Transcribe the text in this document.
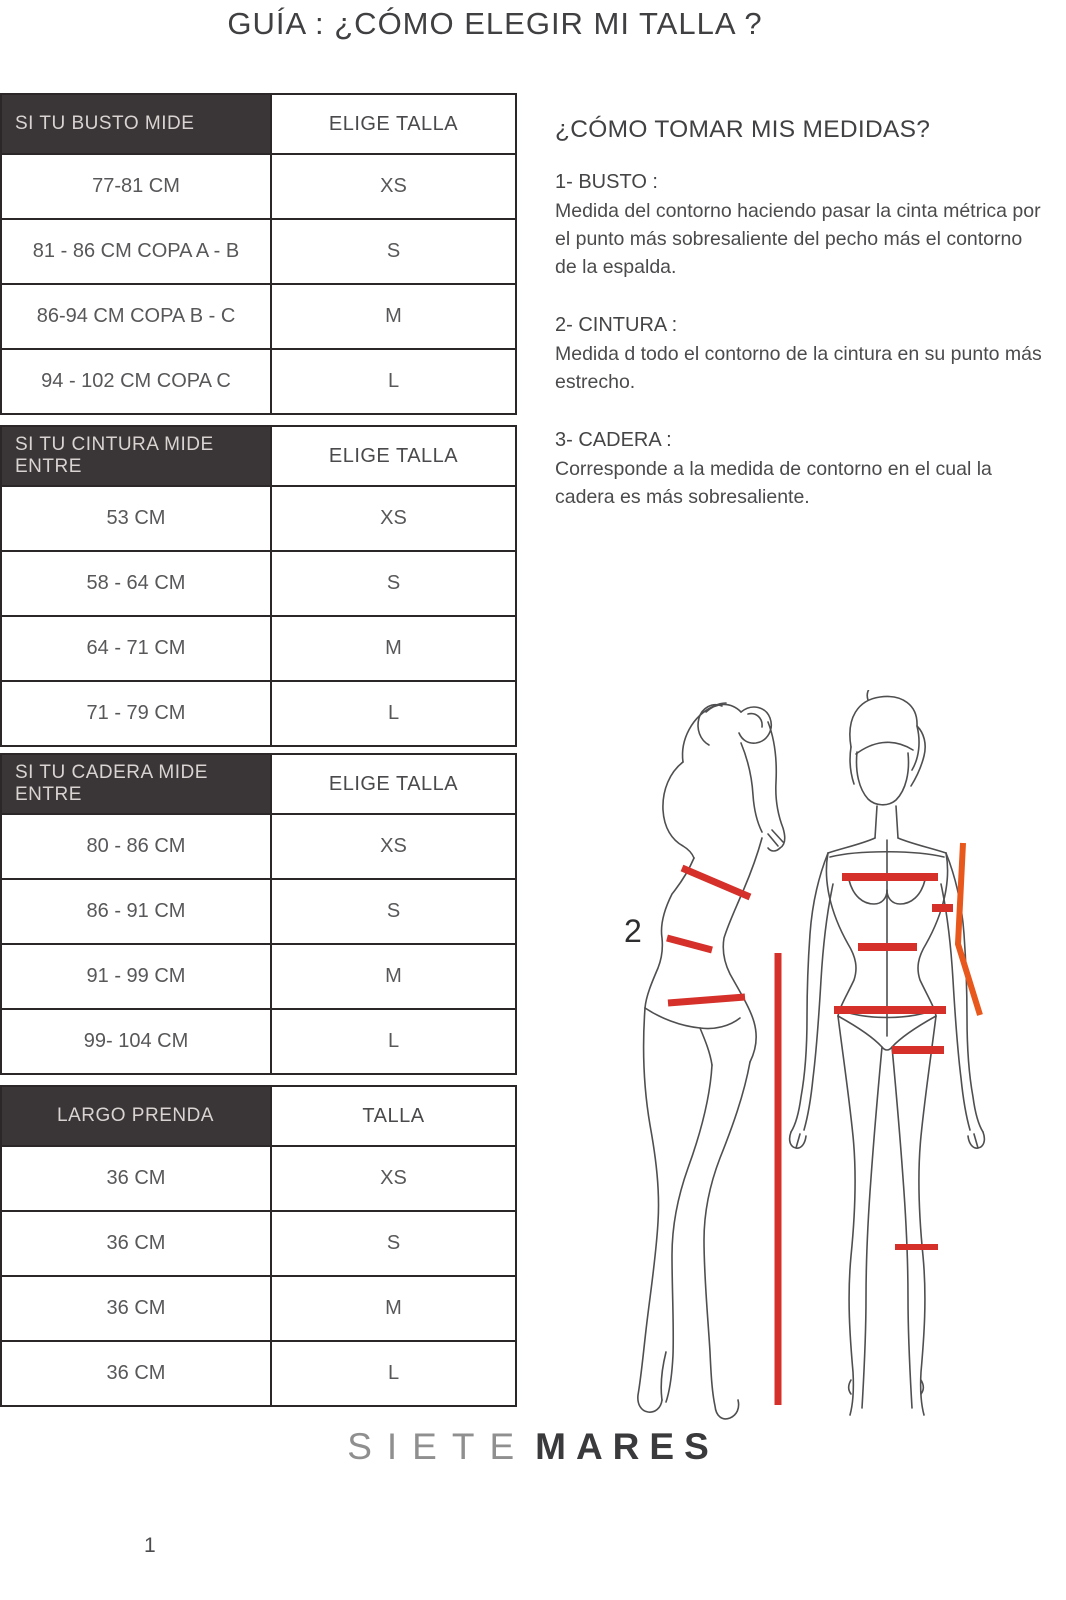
GUÍA : ¿CÓMO ELEGIR MI TALLA ?
SI TU BUSTO MIDE	ELIGE TALLA
77-81 CM	XS
81 - 86 CM COPA A - B	S
86-94 CM COPA B - C	M
94 - 102 CM COPA C	L
SI TU CINTURA MIDE ENTRE	ELIGE TALLA
53 CM	XS
58 - 64 CM	S
64 - 71 CM	M
71 - 79 CM	L
SI TU CADERA MIDE ENTRE	ELIGE TALLA
80 - 86 CM	XS
86 - 91 CM	S
91 - 99 CM	M
99- 104 CM	L
LARGO PRENDA	TALLA
36 CM	XS
36 CM	S
36 CM	M
36 CM	L
¿CÓMO TOMAR MIS MEDIDAS?
1- BUSTO :

Medida del contorno haciendo pasar la cinta métrica por el punto más sobresaliente del pecho más el contorno de la espalda.

2- CINTURA :

Medida d todo el contorno de la cintura en su punto más estrecho.

3- CADERA :

Corresponde a la medida de contorno en el cual la cadera es más sobresaliente.

2
SIETE MARES
1
